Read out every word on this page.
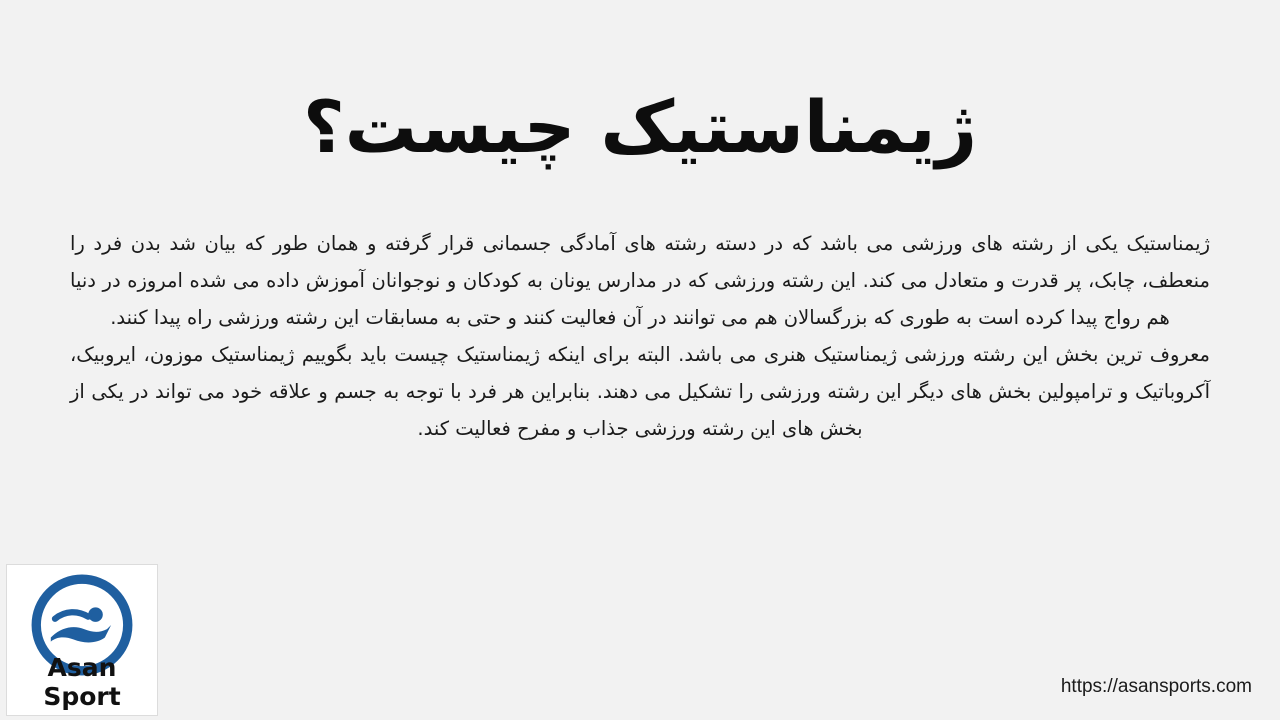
ژیمناستیک چیست؟

ژیمناستیک یکی از رشته های ورزشی می باشد که در دسته رشته های آمادگی جسمانی قرار گرفته و همان طور که بیان شد بدن فرد را منعطف، چابک، پر قدرت و متعادل می کند. این رشته ورزشی که در مدارس یونان به کودکان و نوجوانان آموزش داده می شده امروزه در دنیا هم رواج پیدا کرده است به طوری که بزرگسالان هم می توانند در آن فعالیت کنند و حتی به مسابقات این رشته ورزشی راه پیدا کنند.

معروف ترین بخش این رشته ورزشی ژیمناستیک هنری می باشد. البته برای اینکه ژیمناستیک چیست باید بگوییم ژیمناستیک موزون، ایروبیک، آکروباتیک و ترامپولین بخش های دیگر این رشته ورزشی را تشکیل می دهند. بنابراین هر فرد با توجه به جسم و علاقه خود می تواند در یکی از بخش های این رشته ورزشی جذاب و مفرح فعالیت کند.

Asan Sport	https://asansports.com
